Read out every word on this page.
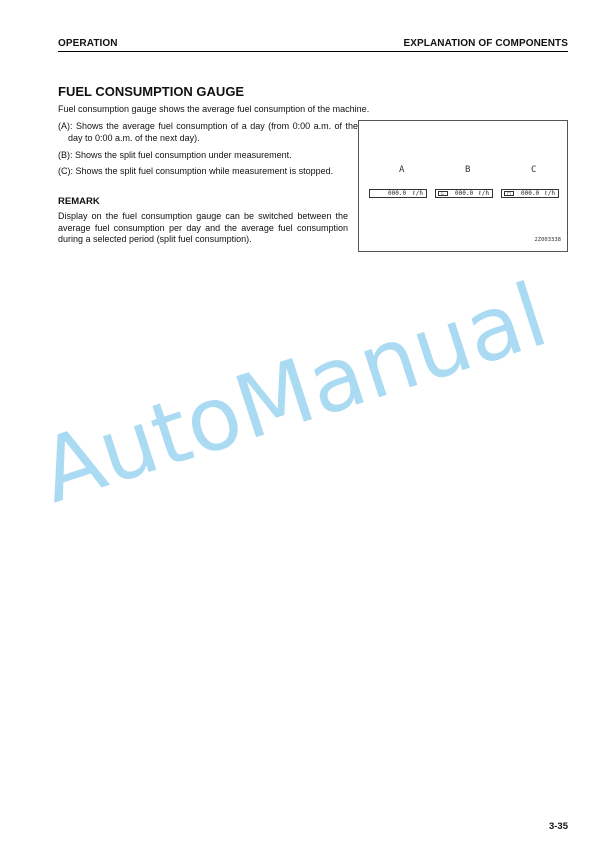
OPERATION	EXPLANATION OF COMPONENTS
FUEL CONSUMPTION GAUGE
Fuel consumption gauge shows the average fuel consumption of the machine.
(A): Shows the average fuel consumption of a day (from 0:00 a.m. of the day to 0:00 a.m. of the next day).
(B): Shows the split fuel consumption under measurement.
(C): Shows the split fuel consumption while measurement is stopped.
REMARK
Display on the fuel consumption gauge can be switched between the average fuel consumption per day and the average fuel consumption during a selected period (split fuel consumption).
A	B	C
000.0 ℓ/h	▷	000.0 ℓ/h	□	000.0 ℓ/h
2Z003338
AutoManual
3-35
